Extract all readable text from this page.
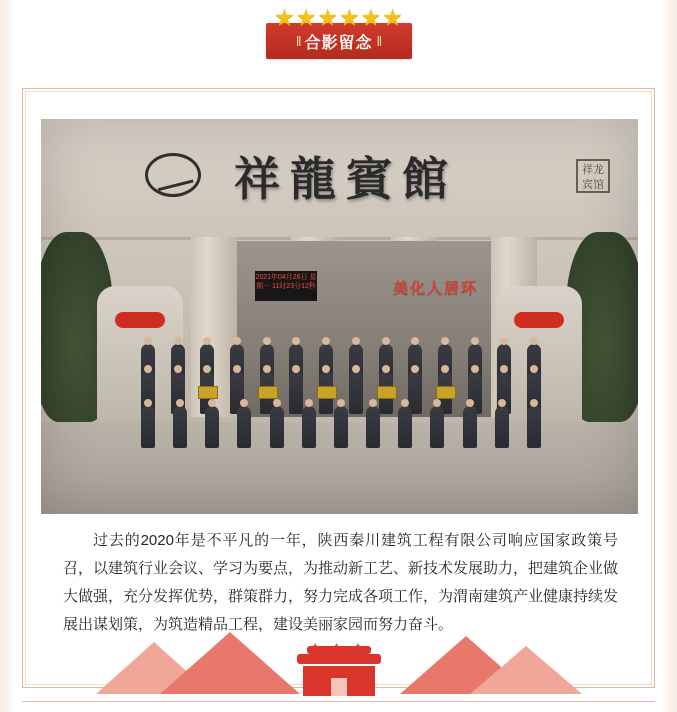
★ ★ ★ ★ ★ ★
‖ 合影留念 ‖
祥龍賓館	祥龙宾馆
2021年04月26日 星期一 11时23分12秒	美化人居环
过去的2020年是不平凡的一年，陕西秦川建筑工程有限公司响应国家政策号召，以建筑行业会议、学习为要点，为推动新工艺、新技术发展助力，把建筑企业做大做强，充分发挥优势，群策群力，努力完成各项工作，为渭南建筑产业健康持续发展出谋划策，为筑造精品工程，建设美丽家园而努力奋斗。
